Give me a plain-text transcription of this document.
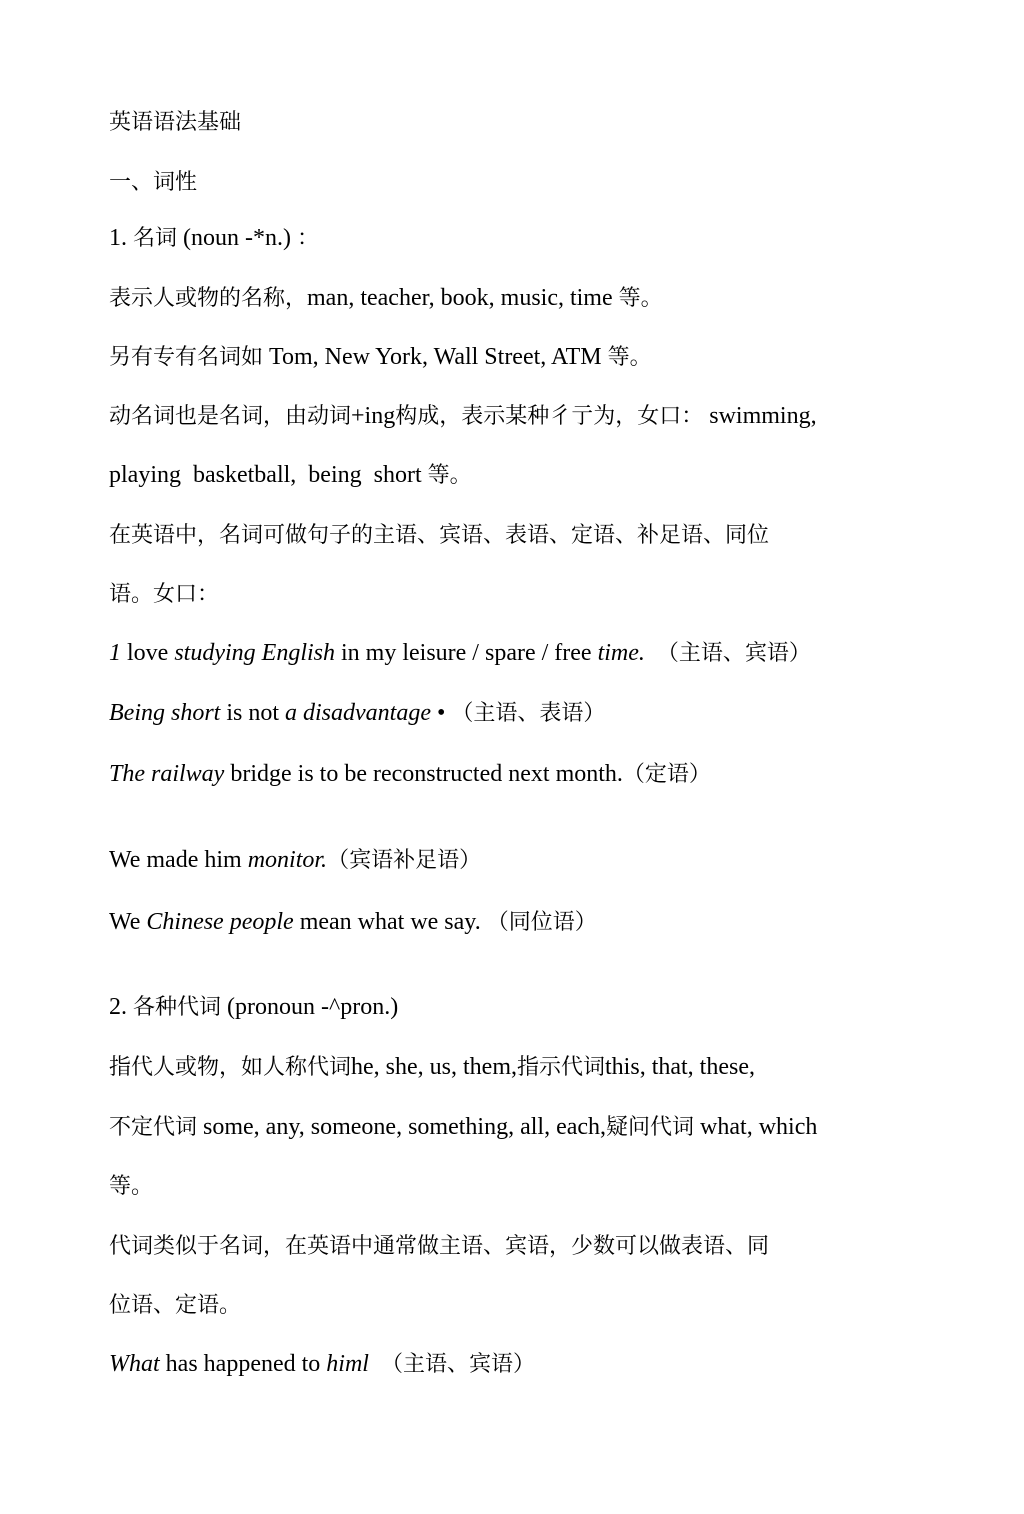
英语语法基础
一、词性
1. 名词 (noun -*n.) ：
表示人或物的名称，man, teacher, book, music, time 等。
另有专有名词如 Tom, New York, Wall Street, ATM 等。
动名词也是名词，由动词+ing构成，表示某种彳亍为，女口： swimming,
playing  basketball,  being  short 等。
在英语中，名词可做句子的主语、宾语、表语、定语、补足语、同位
语。女口：
1 love studying English in my leisure / spare / free time. （主语、宾语）
Being short is not a disadvantage • （主语、表语）
The railway bridge is to be reconstructed next month.（定语）
We made him monitor.（宾语补足语）
We Chinese people mean what we say. （同位语）
2. 各种代词 (pronoun -^pron.)
指代人或物，如人称代词he, she, us, them,指示代词this, that, these,
不定代词 some, any, someone, something, all, each,疑问代词 what, which
等。
代词类似于名词，在英语中通常做主语、宾语，少数可以做表语、同
位语、定语。
What has happened to himl （主语、宾语）
